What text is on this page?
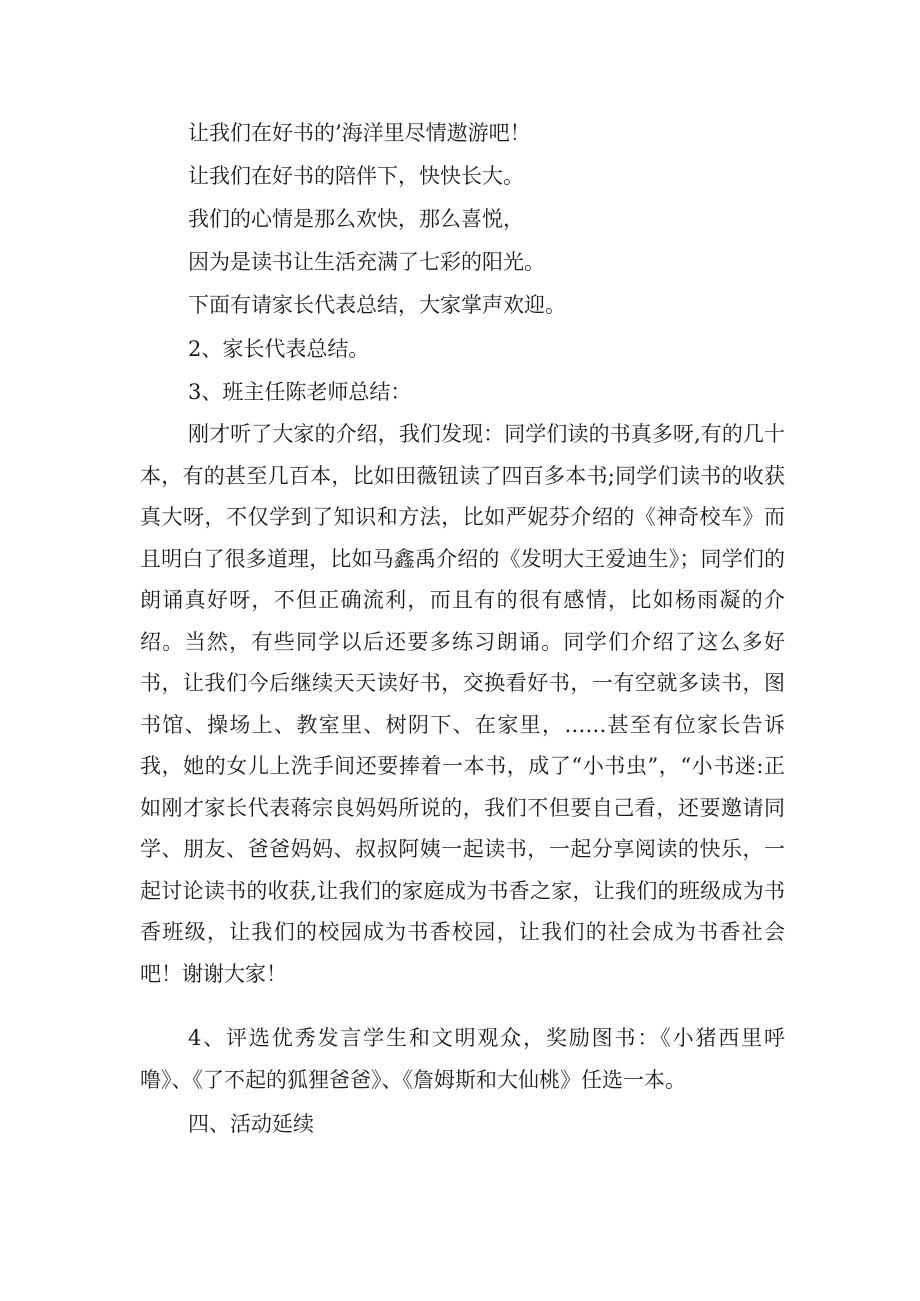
让我们在好书的’海洋里尽情遨游吧！
让我们在好书的陪伴下，快快长大。
我们的心情是那么欢快，那么喜悦，
因为是读书让生活充满了七彩的阳光。
下面有请家长代表总结，大家掌声欢迎。
2、家长代表总结。
3、班主任陈老师总结：
刚才听了大家的介绍，我们发现：同学们读的书真多呀,有的几十本，有的甚至几百本，比如田薇钮读了四百多本书;同学们读书的收获真大呀，不仅学到了知识和方法，比如严妮芬介绍的《神奇校车》而且明白了很多道理，比如马鑫禹介绍的《发明大王爱迪生》；同学们的朗诵真好呀，不但正确流利，而且有的很有感情，比如杨雨凝的介绍。当然，有些同学以后还要多练习朗诵。同学们介绍了这么多好书，让我们今后继续天天读好书，交换看好书，一有空就多读书，图书馆、操场上、教室里、树阴下、在家里，……甚至有位家长告诉我，她的女儿上洗手间还要捧着一本书，成了“小书虫”，“小书迷:正如刚才家长代表蒋宗良妈妈所说的，我们不但要自己看，还要邀请同学、朋友、爸爸妈妈、叔叔阿姨一起读书，一起分享阅读的快乐，一起讨论读书的收获,让我们的家庭成为书香之家，让我们的班级成为书香班级，让我们的校园成为书香校园，让我们的社会成为书香社会吧！谢谢大家！
4、评选优秀发言学生和文明观众，奖励图书：《小猪西里呼噜》、《了不起的狐狸爸爸》、《詹姆斯和大仙桃》任选一本。
四、活动延续
